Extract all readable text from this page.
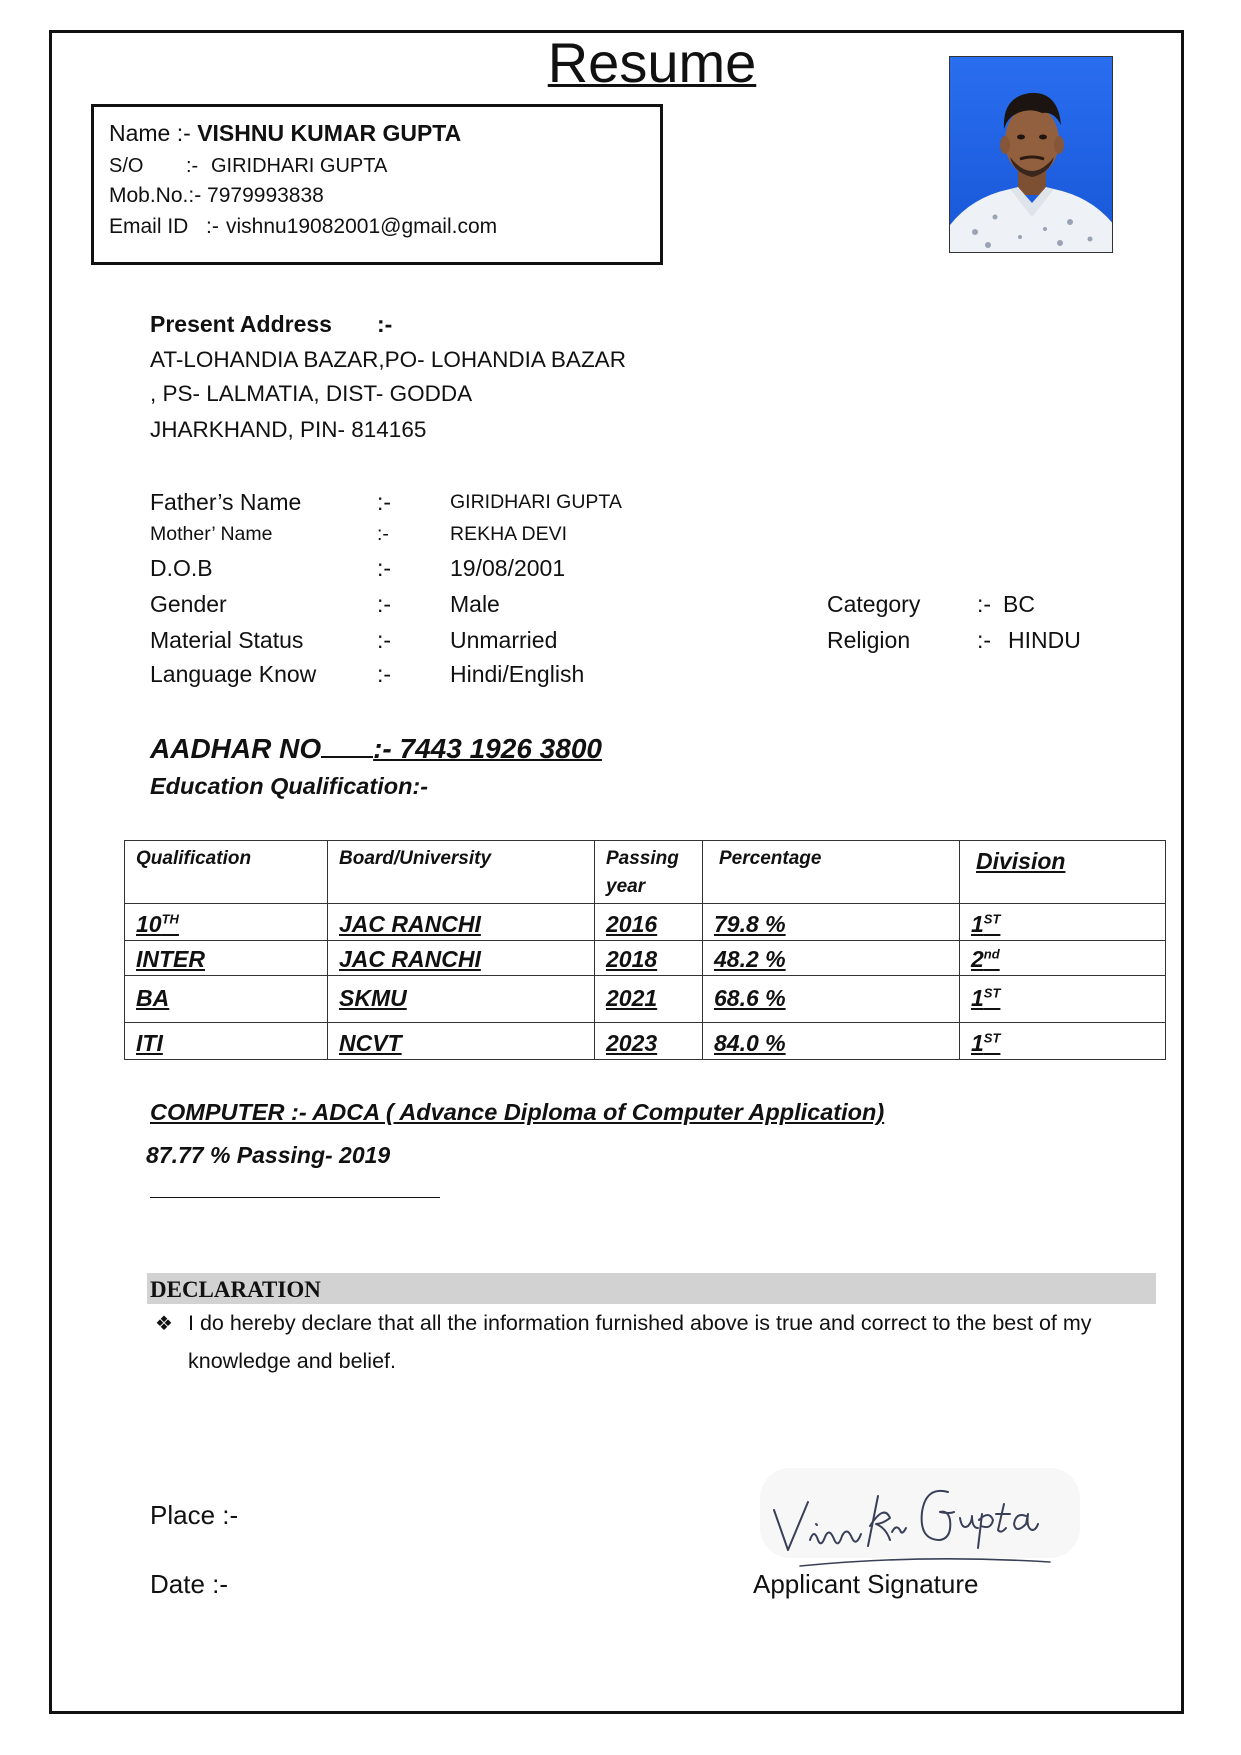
Resume
Name :- VISHNU KUMAR GUPTA
S/O :- GIRIDHARI GUPTA
Mob.No.:- 7979993838
Email ID :- vishnu19082001@gmail.com
Present Address :-
AT-LOHANDIA BAZAR,PO- LOHANDIA BAZAR
, PS- LALMATIA, DIST- GODDA
JHARKHAND, PIN- 814165
Father’s Name	:-	GIRIDHARI GUPTA
Mother’ Name	:-	REKHA DEVI
D.O.B	:-	19/08/2001
Gender	:-	Male	Category :- BC
Material Status	:-	Unmarried	Religion	:- HINDU
Language Know	:-	Hindi/English
AADHAR NO :- 7443 1926 3800
Education Qualification:-
Qualification	Board/University	Passing year	Percentage	Division
10TH	JAC RANCHI	2016	79.8 %	1ST
INTER	JAC RANCHI	2018	48.2 %	2nd
BA	SKMU	2021	68.6 %	1ST
ITI	NCVT	2023	84.0 %	1ST
COMPUTER :- ADCA ( Advance Diploma of Computer Application)
87.77 % Passing- 2019
DECLARATION
❖ I do hereby declare that all the information furnished above is true and correct to the best of my knowledge and belief.
Place :-
Date :-	Applicant Signature
